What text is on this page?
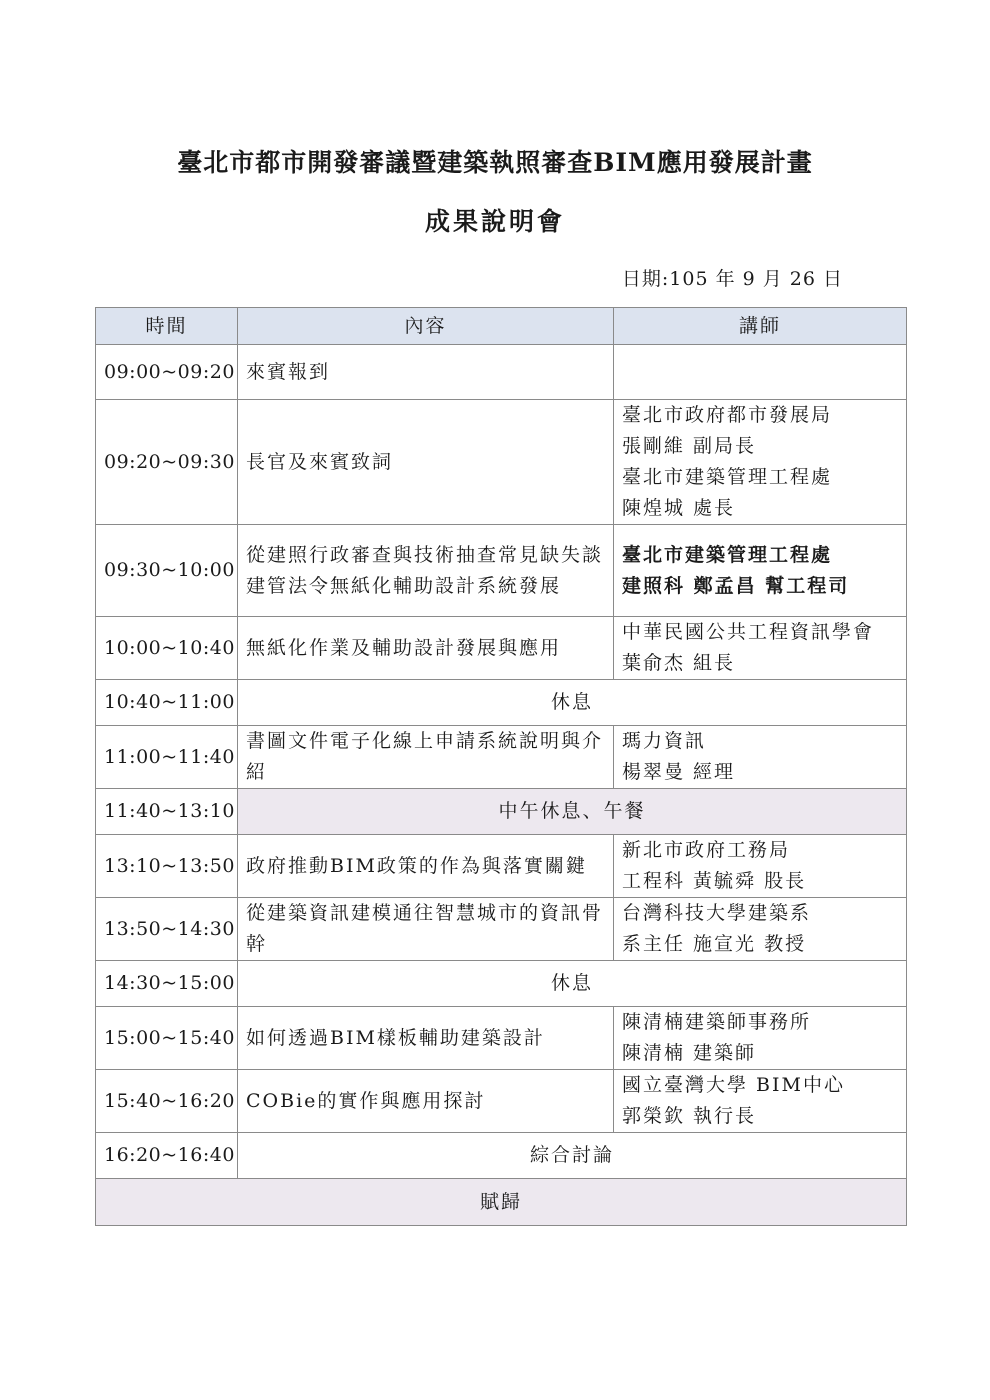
臺北市都市開發審議暨建築執照審查BIM應用發展計畫
成果說明會
日期:105 年 9 月 26 日
時間	內容	講師
09:00~09:20	來賓報到	
09:20~09:30	長官及來賓致詞	臺北市政府都市發展局
張剛維 副局長
臺北市建築管理工程處
陳煌城 處長

09:30~10:00	從建照行政審查與技術抽查常見缺失談建管法令無紙化輔助設計系統發展	臺北市建築管理工程處
建照科 鄭孟昌 幫工程司

10:00~10:40	無紙化作業及輔助設計發展與應用	中華民國公共工程資訊學會
葉俞杰 組長

10:40~11:00	休息	
11:00~11:40	書圖文件電子化線上申請系統說明與介紹	瑪力資訊
楊翠曼 經理

11:40~13:10	中午休息、午餐	
13:10~13:50	政府推動BIM政策的作為與落實關鍵	新北市政府工務局
工程科 黃毓舜 股長

13:50~14:30	從建築資訊建模通往智慧城市的資訊骨幹	台灣科技大學建築系
系主任 施宣光 教授

14:30~15:00	休息	
15:00~15:40	如何透過BIM樣板輔助建築設計	陳清楠建築師事務所
陳清楠 建築師

15:40~16:20	COBie的實作與應用探討	國立臺灣大學 BIM中心
郭榮欽 執行長

16:20~16:40	綜合討論	
賦歸		
